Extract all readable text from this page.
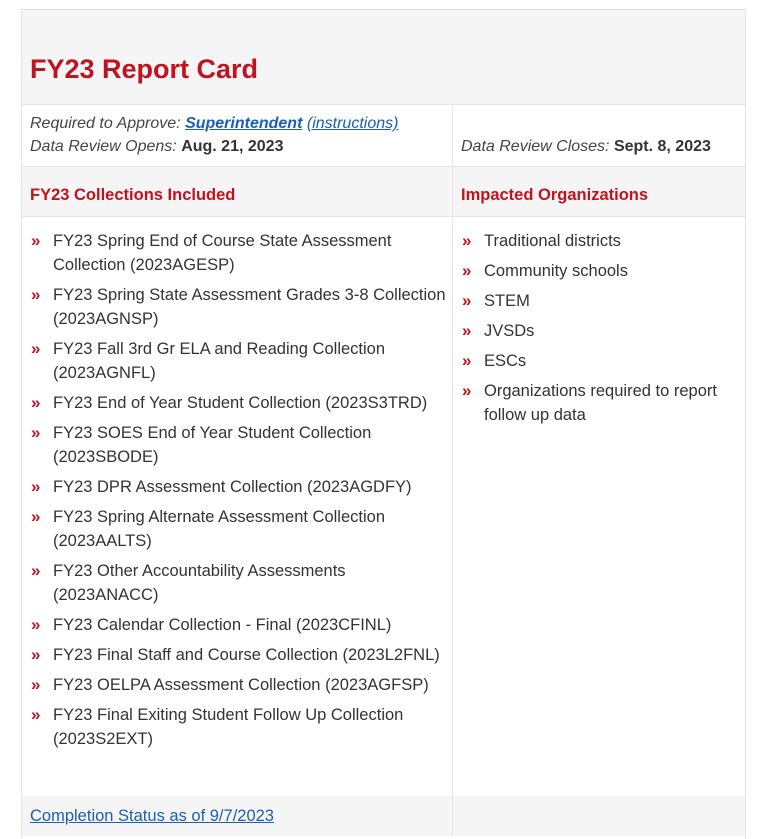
FY23 Report Card
Required to Approve: Superintendent (instructions)
Data Review Opens: Aug. 21, 2023	Data Review Closes: Sept. 8, 2023
FY23 Collections Included	Impacted Organizations
» FY23 Spring End of Course State Assessment Collection (2023AGESP)
» FY23 Spring State Assessment Grades 3-8 Collection (2023AGNSP)
» FY23 Fall 3rd Gr ELA and Reading Collection (2023AGNFL)
» FY23 End of Year Student Collection (2023S3TRD)
» FY23 SOES End of Year Student Collection (2023SBODE)
» FY23 DPR Assessment Collection (2023AGDFY)
» FY23 Spring Alternate Assessment Collection (2023AALTS)
» FY23 Other Accountability Assessments (2023ANACC)
» FY23 Calendar Collection - Final (2023CFINL)
» FY23 Final Staff and Course Collection (2023L2FNL)
» FY23 OELPA Assessment Collection (2023AGFSP)
» FY23 Final Exiting Student Follow Up Collection (2023S2EXT)
» Traditional districts
» Community schools
» STEM
» JVSDs
» ESCs
» Organizations required to report follow up data
Completion Status as of 9/7/2023
